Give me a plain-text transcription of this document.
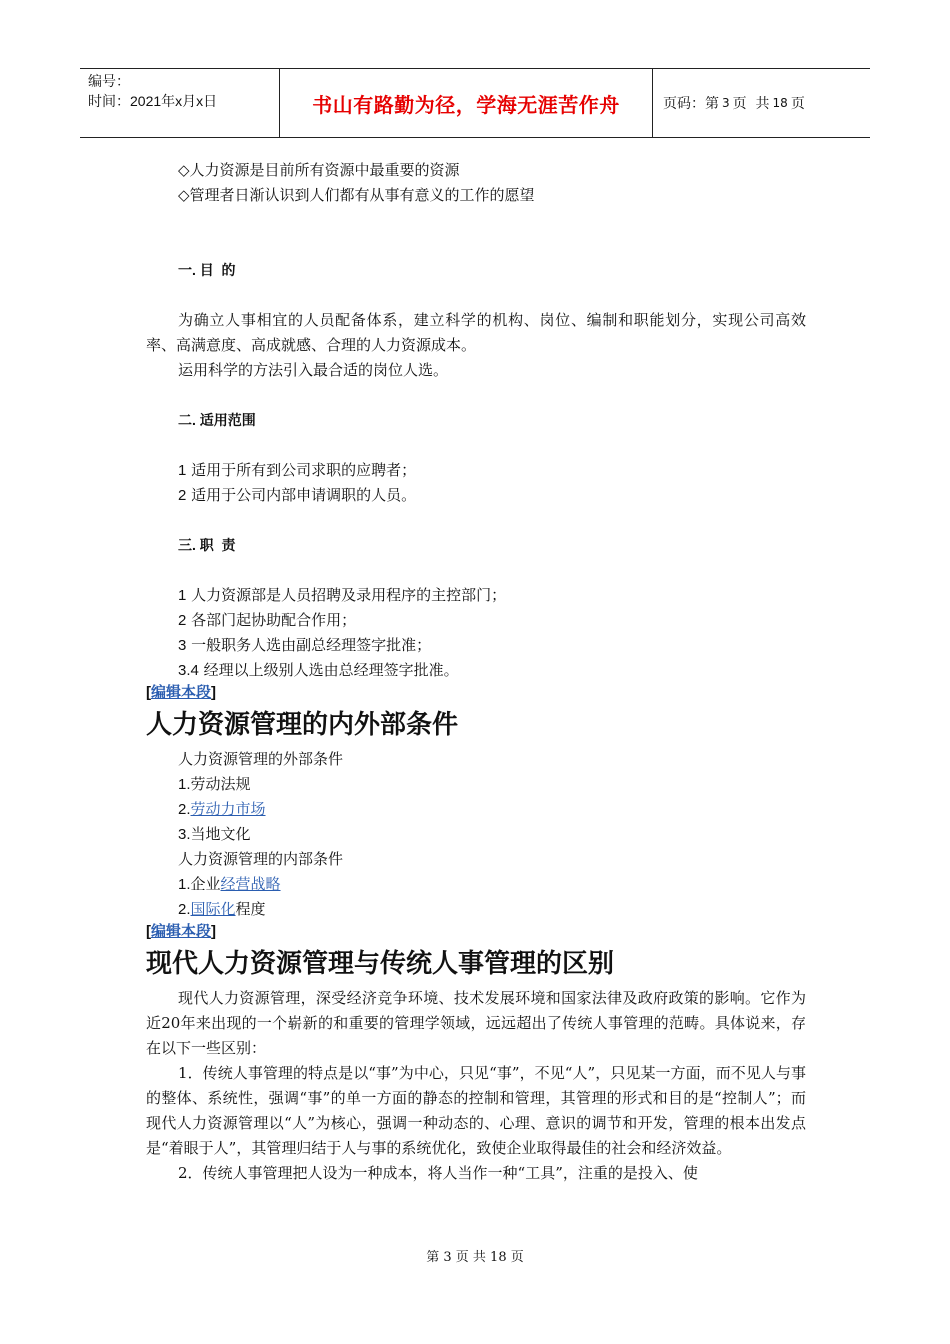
编号：
时间：2021年x月x日	书山有路勤为径，学海无涯苦作舟	页码：第 3 页  共 18 页
◇人力资源是目前所有资源中最重要的资源
◇管理者日渐认识到人们都有从事有意义的工作的愿望
一. 目  的
为确立人事相宜的人员配备体系，建立科学的机构、岗位、编制和职能划分，实现公司高效率、高满意度、高成就感、合理的人力资源成本。
运用科学的方法引入最合适的岗位人选。
二. 适用范围
1 适用于所有到公司求职的应聘者；
2 适用于公司内部申请调职的人员。
三. 职  责
1 人力资源部是人员招聘及录用程序的主控部门；
2 各部门起协助配合作用；
3 一般职务人选由副总经理签字批准；
3.4 经理以上级别人选由总经理签字批准。
[编辑本段]
人力资源管理的内外部条件
人力资源管理的外部条件
1.劳动法规
2.劳动力市场
3.当地文化
人力资源管理的内部条件
1.企业经营战略
2.国际化程度
[编辑本段]
现代人力资源管理与传统人事管理的区别
现代人力资源管理，深受经济竞争环境、技术发展环境和国家法律及政府政策的影响。它作为近20年来出现的一个崭新的和重要的管理学领域，远远超出了传统人事管理的范畴。具体说来，存在以下一些区别：
1．传统人事管理的特点是以“事”为中心，只见“事”，不见“人”，只见某一方面，而不见人与事的整体、系统性，强调“事”的单一方面的静态的控制和管理，其管理的形式和目的是“控制人”；而现代人力资源管理以“人”为核心，强调一种动态的、心理、意识的调节和开发，管理的根本出发点是“着眼于人”，其管理归结于人与事的系统优化，致使企业取得最佳的社会和经济效益。
2．传统人事管理把人设为一种成本，将人当作一种“工具”，注重的是投入、使
第 3 页 共 18 页
